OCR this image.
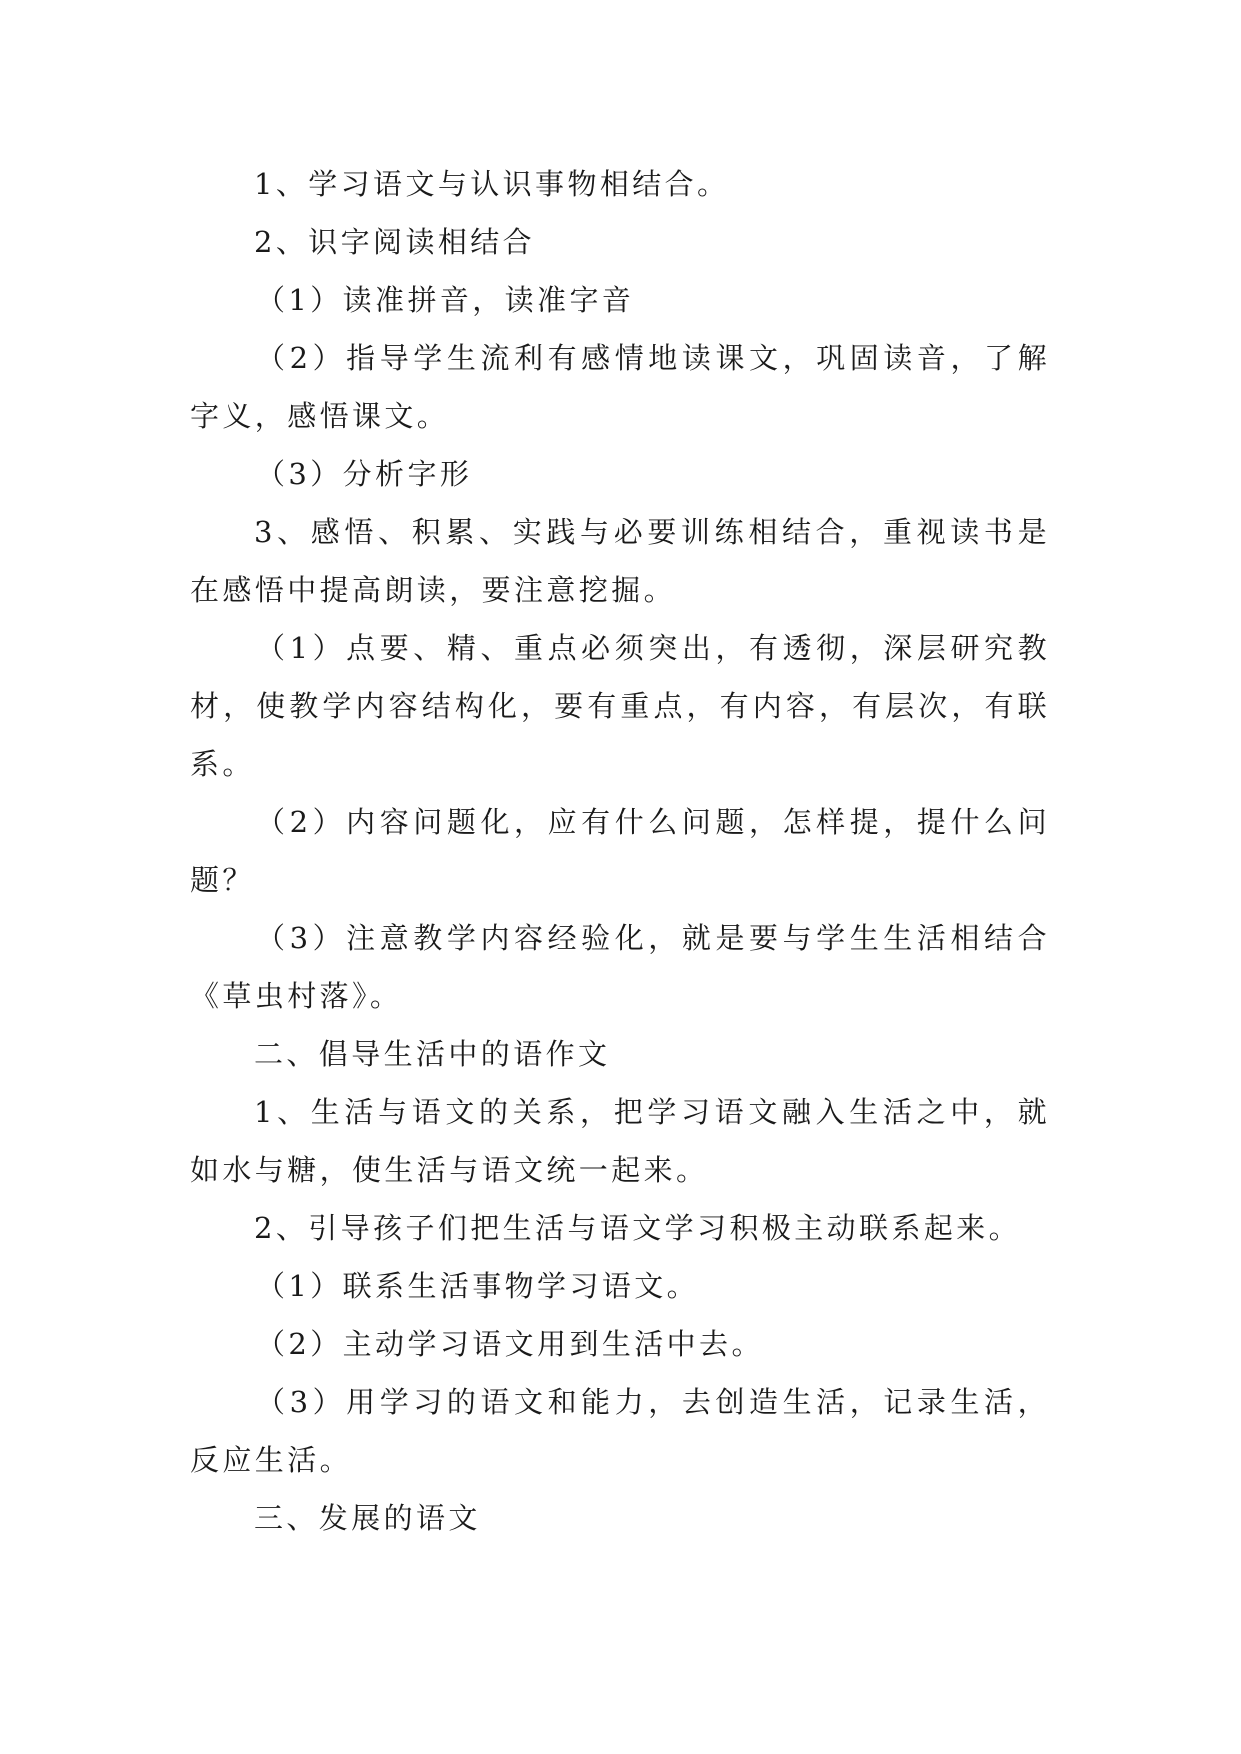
1、学习语文与认识事物相结合。

2、识字阅读相结合

（1）读准拼音，读准字音

（2）指导学生流利有感情地读课文，巩固读音，了解字义，感悟课文。

（3）分析字形

3、感悟、积累、实践与必要训练相结合，重视读书是在感悟中提高朗读，要注意挖掘。

（1）点要、精、重点必须突出，有透彻，深层研究教材，使教学内容结构化，要有重点，有内容，有层次，有联系。

（2）内容问题化，应有什么问题，怎样提，提什么问题？

（3）注意教学内容经验化，就是要与学生生活相结合《草虫村落》。

二、倡导生活中的语作文

1、生活与语文的关系，把学习语文融入生活之中，就如水与糖，使生活与语文统一起来。

2、引导孩子们把生活与语文学习积极主动联系起来。

（1）联系生活事物学习语文。

（2）主动学习语文用到生活中去。

（3）用学习的语文和能力，去创造生活，记录生活，反应生活。

三、发展的语文
